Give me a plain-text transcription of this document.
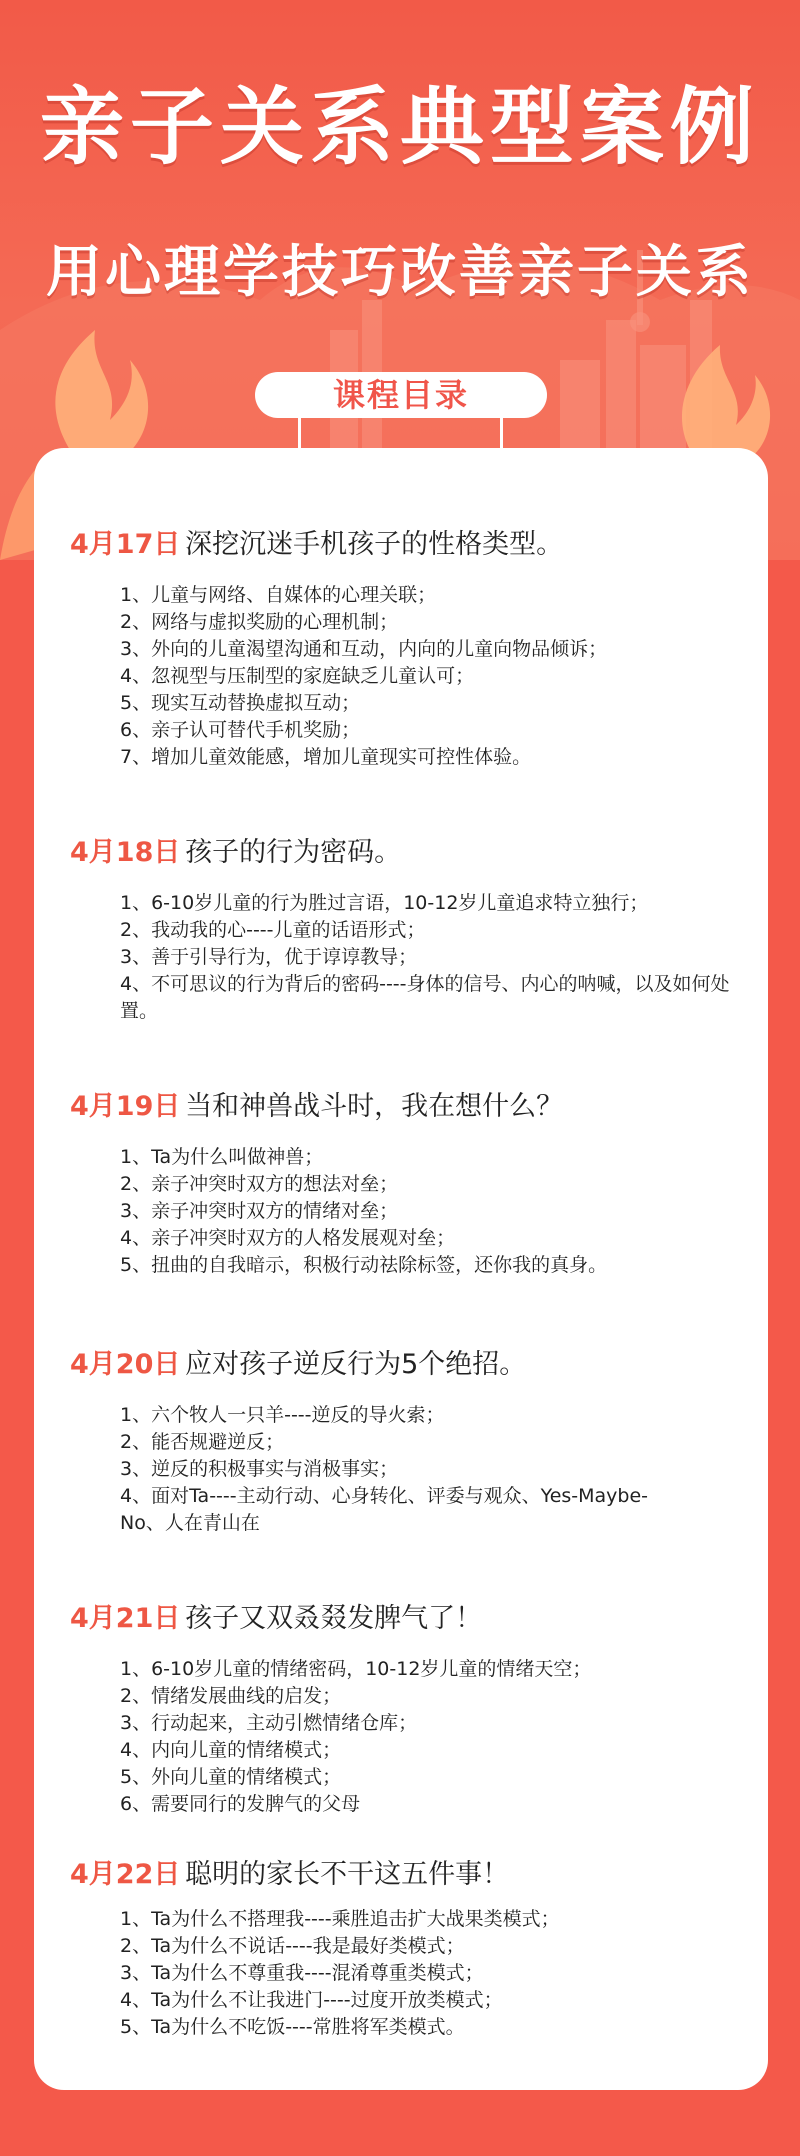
亲子关系典型案例
用心理学技巧改善亲子关系
课程目录
4月17日 深挖沉迷手机孩子的性格类型。

1、儿童与网络、自媒体的心理关联；

2、网络与虚拟奖励的心理机制；

3、外向的儿童渴望沟通和互动，内向的儿童向物品倾诉；

4、忽视型与压制型的家庭缺乏儿童认可；

5、现实互动替换虚拟互动；

6、亲子认可替代手机奖励；

7、增加儿童效能感，增加儿童现实可控性体验。

4月18日 孩子的行为密码。

1、6-10岁儿童的行为胜过言语，10-12岁儿童追求特立独行；

2、我动我的心----儿童的话语形式；

3、善于引导行为，优于谆谆教导；

4、不可思议的行为背后的密码----身体的信号、内心的呐喊，以及如何处置。

4月19日 当和神兽战斗时，我在想什么？

1、Ta为什么叫做神兽；

2、亲子冲突时双方的想法对垒；

3、亲子冲突时双方的情绪对垒；

4、亲子冲突时双方的人格发展观对垒；

5、扭曲的自我暗示，积极行动祛除标签，还你我的真身。

4月20日 应对孩子逆反行为5个绝招。

1、六个牧人一只羊----逆反的导火索；

2、能否规避逆反；

3、逆反的积极事实与消极事实；

4、面对Ta----主动行动、心身转化、评委与观众、Yes-Maybe-No、人在青山在

4月21日 孩子又双叒叕发脾气了！

1、6-10岁儿童的情绪密码，10-12岁儿童的情绪天空；

2、情绪发展曲线的启发；

3、行动起来，主动引燃情绪仓库；

4、内向儿童的情绪模式；

5、外向儿童的情绪模式；

6、需要同行的发脾气的父母

4月22日 聪明的家长不干这五件事！

1、Ta为什么不搭理我----乘胜追击扩大战果类模式；

2、Ta为什么不说话----我是最好类模式；

3、Ta为什么不尊重我----混淆尊重类模式；

4、Ta为什么不让我进门----过度开放类模式；

5、Ta为什么不吃饭----常胜将军类模式。
